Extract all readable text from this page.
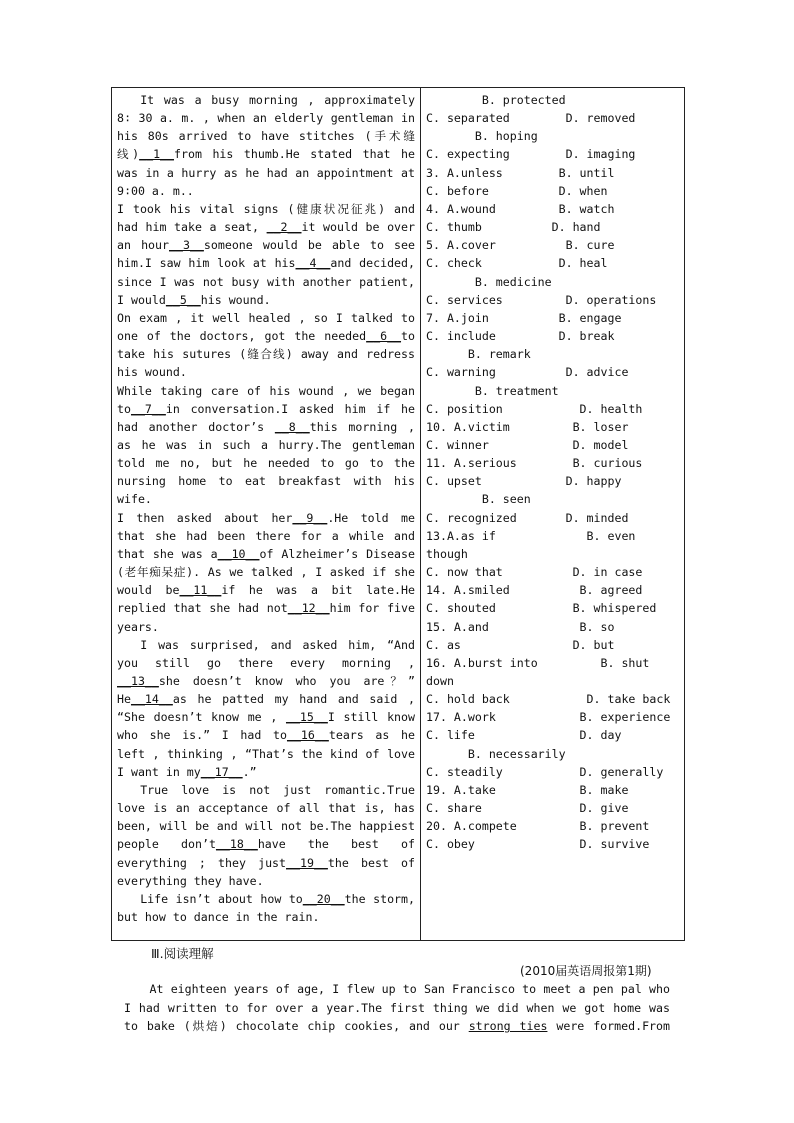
It was a busy morning , approximately 8∶ 30 a. m. , when an elderly gentleman in his 80s arrived to have stitches (手术缝线)__1__from his thumb.He stated that he was in a hurry as he had an appointment at 9∶00 a. m..

I took his vital signs (健康状况征兆) and had him take a seat, __2__it would be over an hour__3__someone would be able to see him.I saw him look at his__4__and decided, since I was not busy with another patient, I would__5__his wound.

On exam , it well healed , so I talked to one of the doctors, got the needed__6__to take his sutures (缝合线) away and redress his wound.

While taking care of his wound , we began to__7__in conversation.I asked him if he had another doctor’s __8__this morning , as he was in such a hurry.The gentleman told me no, but he needed to go to the nursing home to eat breakfast with his wife.

I then asked about her__9__.He told me that she had been there for a while and that she was a__10__of Alzheimer’s Disease (老年痴呆症). As we talked , I asked if she would be__11__if he was a bit late.He replied that she had not__12__him for five years.

I was surprised, and asked him, “And you still go there every morning , __13__she doesn’t know who you are？” He__14__as he patted my hand and said , “She doesn’t know me , __15__I still know who she is.” I had to__16__tears as he left , thinking , “That’s the kind of love I want in my__17__.”

True love is not just romantic.True love is an acceptance of all that is, has been, will be and will not be.The happiest people don’t__18__have the best of everything ; they just__19__the best of everything they have.

Life isn’t about how to__20__the storm, but how to dance in the rain.

B. protected
C. separated        D. removed
B. hoping
C. expecting        D. imaging
3. A.unless        B. until
C. before          D. when
4. A.wound         B. watch
C. thumb          D. hand
5. A.cover          B. cure
C. check           D. heal
B. medicine
C. services         D. operations
7. A.join          B. engage
C. include         D. break
B. remark
C. warning          D. advice
B. treatment
C. position           D. health
10. A.victim         B. loser
C. winner            D. model
11. A.serious        B. curious
C. upset            D. happy
B. seen
C. recognized       D. minded
13.A.as if             B. even
though
C. now that          D. in case
14. A.smiled          B. agreed
C. shouted           B. whispered
15. A.and             B. so
C. as                D. but
16. A.burst into         B. shut
down
C. hold back           D. take back
17. A.work            B. experience
C. life               D. day
B. necessarily
C. steadily           D. generally
19. A.take            B. make
C. share              D. give
20. A.compete         B. prevent
C. obey               D. survive
Ⅲ.阅读理解
(2010届英语周报第1期)

At eighteen years of age, I flew up to San Francisco to meet a pen pal who I had written to for over a year.The first thing we did when we got home was to bake (烘焙) chocolate chip cookies, and our strong ties were formed.From
